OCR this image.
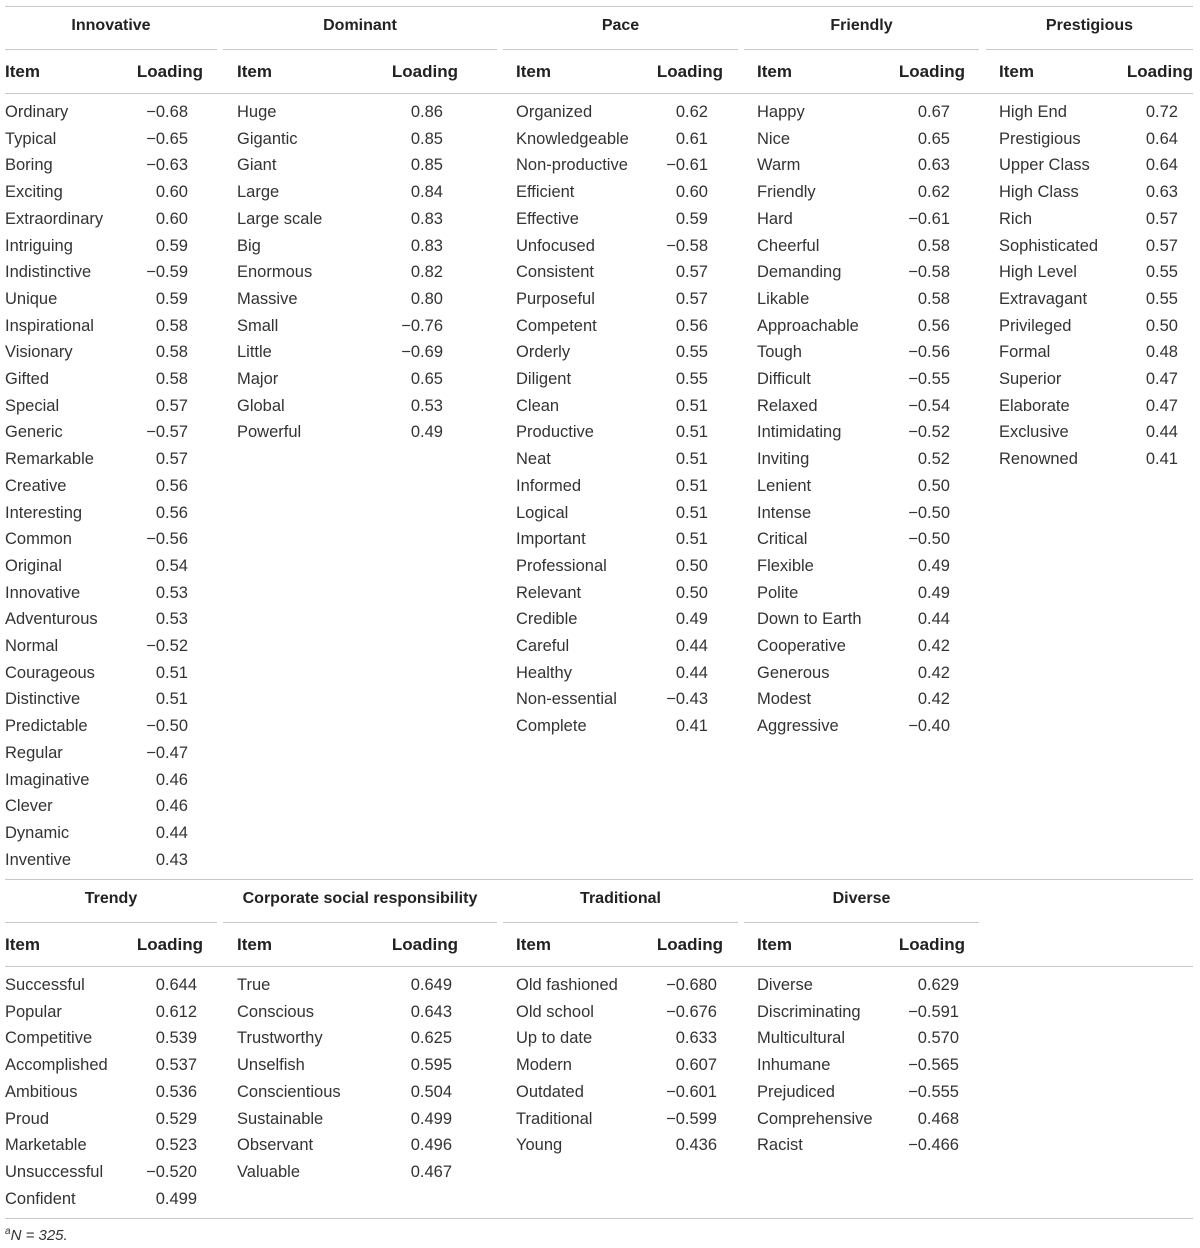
Innovative
Item	Loading
Ordinary	−0.68
Typical	−0.65
Boring	−0.63
Exciting	0.60
Extraordinary	0.60
Intriguing	0.59
Indistinctive	−0.59
Unique	0.59
Inspirational	0.58
Visionary	0.58
Gifted	0.58
Special	0.57
Generic	−0.57
Remarkable	0.57
Creative	0.56
Interesting	0.56
Common	−0.56
Original	0.54
Innovative	0.53
Adventurous	0.53
Normal	−0.52
Courageous	0.51
Distinctive	0.51
Predictable	−0.50
Regular	−0.47
Imaginative	0.46
Clever	0.46
Dynamic	0.44
Inventive	0.43
Dominant
Item	Loading
Huge	0.86
Gigantic	0.85
Giant	0.85
Large	0.84
Large scale	0.83
Big	0.83
Enormous	0.82
Massive	0.80
Small	−0.76
Little	−0.69
Major	0.65
Global	0.53
Powerful	0.49
Pace
Item	Loading
Organized	0.62
Knowledgeable	0.61
Non-productive	−0.61
Efficient	0.60
Effective	0.59
Unfocused	−0.58
Consistent	0.57
Purposeful	0.57
Competent	0.56
Orderly	0.55
Diligent	0.55
Clean	0.51
Productive	0.51
Neat	0.51
Informed	0.51
Logical	0.51
Important	0.51
Professional	0.50
Relevant	0.50
Credible	0.49
Careful	0.44
Healthy	0.44
Non-essential	−0.43
Complete	0.41
Friendly
Item	Loading
Happy	0.67
Nice	0.65
Warm	0.63
Friendly	0.62
Hard	−0.61
Cheerful	0.58
Demanding	−0.58
Likable	0.58
Approachable	0.56
Tough	−0.56
Difficult	−0.55
Relaxed	−0.54
Intimidating	−0.52
Inviting	0.52
Lenient	0.50
Intense	−0.50
Critical	−0.50
Flexible	0.49
Polite	0.49
Down to Earth	0.44
Cooperative	0.42
Generous	0.42
Modest	0.42
Aggressive	−0.40
Prestigious
Item	Loading
High End	0.72
Prestigious	0.64
Upper Class	0.64
High Class	0.63
Rich	0.57
Sophisticated	0.57
High Level	0.55
Extravagant	0.55
Privileged	0.50
Formal	0.48
Superior	0.47
Elaborate	0.47
Exclusive	0.44
Renowned	0.41
Trendy
Item	Loading
Successful	0.644
Popular	0.612
Competitive	0.539
Accomplished	0.537
Ambitious	0.536
Proud	0.529
Marketable	0.523
Unsuccessful	−0.520
Confident	0.499
Corporate social responsibility
Item	Loading
True	0.649
Conscious	0.643
Trustworthy	0.625
Unselfish	0.595
Conscientious	0.504
Sustainable	0.499
Observant	0.496
Valuable	0.467
Traditional
Item	Loading
Old fashioned	−0.680
Old school	−0.676
Up to date	0.633
Modern	0.607
Outdated	−0.601
Traditional	−0.599
Young	0.436
Diverse
Item	Loading
Diverse	0.629
Discriminating	−0.591
Multicultural	0.570
Inhumane	−0.565
Prejudiced	−0.555
Comprehensive	0.468
Racist	−0.466
$^a$N = 325.
